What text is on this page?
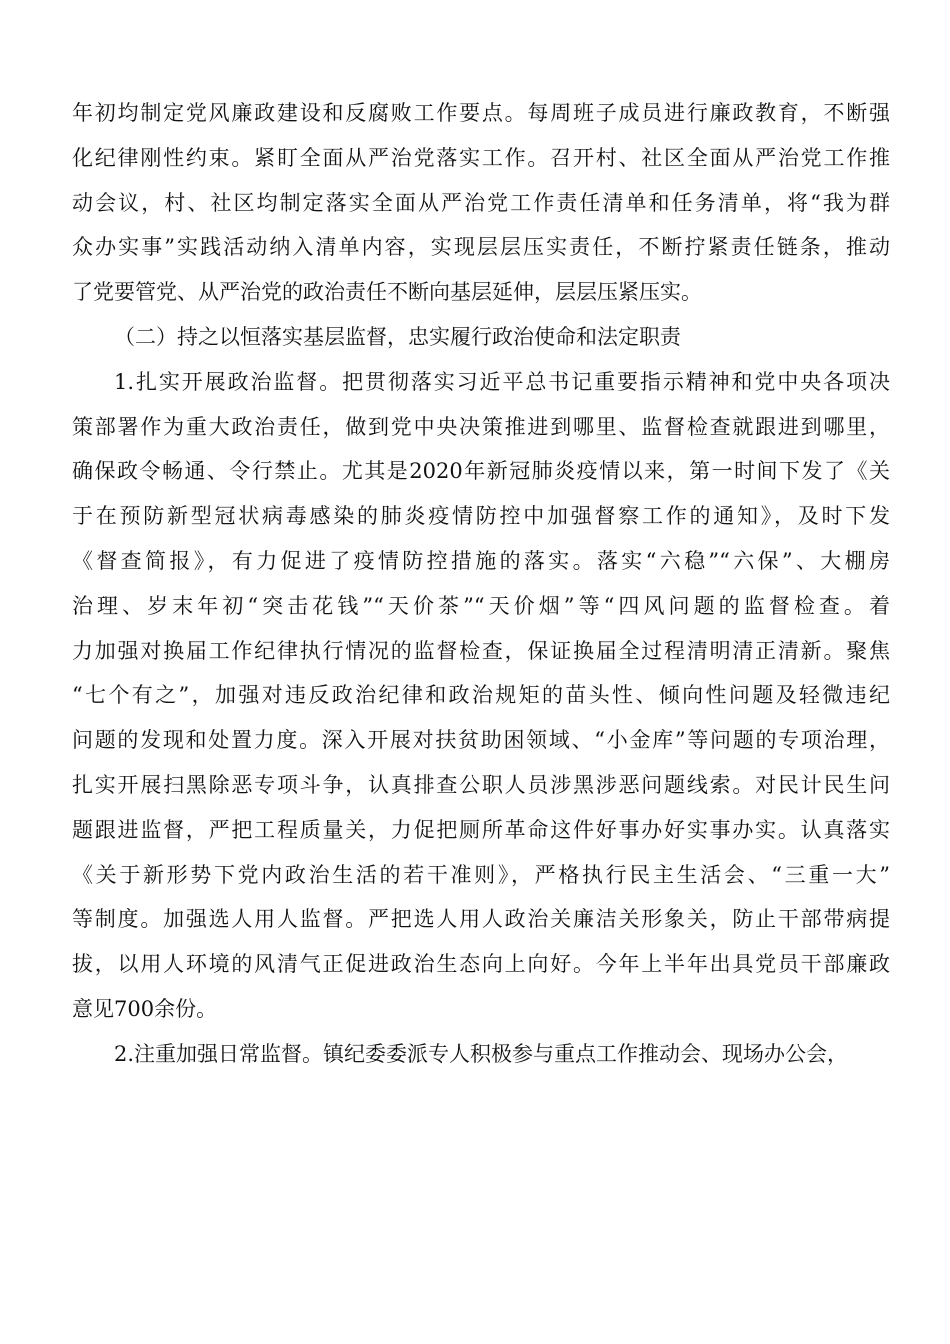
年初均制定党风廉政建设和反腐败工作要点。每周班子成员进行廉政教育，不断强
化纪律刚性约束。紧盯全面从严治党落实工作。召开村、社区全面从严治党工作推
动会议，村、社区均制定落实全面从严治党工作责任清单和任务清单，将“我为群
众办实事”实践活动纳入清单内容，实现层层压实责任，不断拧紧责任链条，推动
了党要管党、从严治党的政治责任不断向基层延伸，层层压紧压实。
（二）持之以恒落实基层监督，忠实履行政治使命和法定职责
1.扎实开展政治监督。把贯彻落实习近平总书记重要指示精神和党中央各项决
策部署作为重大政治责任，做到党中央决策推进到哪里、监督检查就跟进到哪里，
确保政令畅通、令行禁止。尤其是2020年新冠肺炎疫情以来，第一时间下发了《关
于在预防新型冠状病毒感染的肺炎疫情防控中加强督察工作的通知》，及时下发
《督查简报》，有力促进了疫情防控措施的落实。落实“六稳”“六保”、大棚房
治理、岁末年初“突击花钱”“天价茶”“天价烟”等“四风问题的监督检查。着
力加强对换届工作纪律执行情况的监督检查，保证换届全过程清明清正清新。聚焦
“七个有之”，加强对违反政治纪律和政治规矩的苗头性、倾向性问题及轻微违纪
问题的发现和处置力度。深入开展对扶贫助困领域、“小金库”等问题的专项治理，
扎实开展扫黑除恶专项斗争，认真排查公职人员涉黑涉恶问题线索。对民计民生问
题跟进监督，严把工程质量关，力促把厕所革命这件好事办好实事办实。认真落实
《关于新形势下党内政治生活的若干准则》，严格执行民主生活会、“三重一大”
等制度。加强选人用人监督。严把选人用人政治关廉洁关形象关，防止干部带病提
拔，以用人环境的风清气正促进政治生态向上向好。今年上半年出具党员干部廉政
意见700余份。
2.注重加强日常监督。镇纪委委派专人积极参与重点工作推动会、现场办公会，
